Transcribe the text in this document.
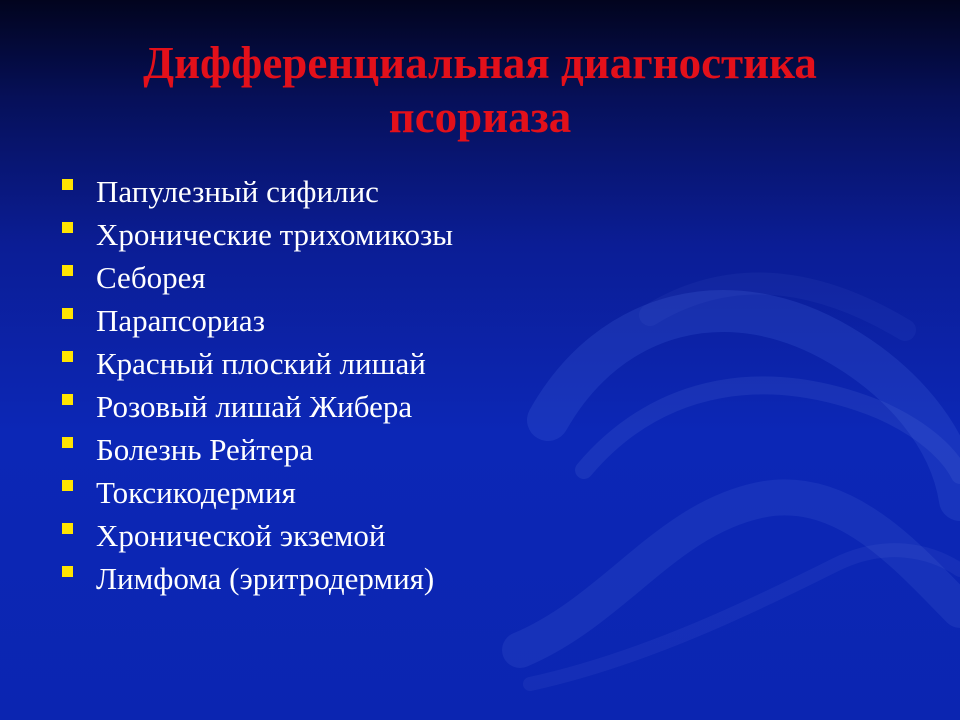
Дифференциальная диагностика
псориаза
Папулезный сифилис
Хронические трихомикозы
Себорея
Парапсориаз
Красный плоский лишай
Розовый лишай Жибера
Болезнь Рейтера
Токсикодермия
Хронической экземой
Лимфома (эритродермия)
